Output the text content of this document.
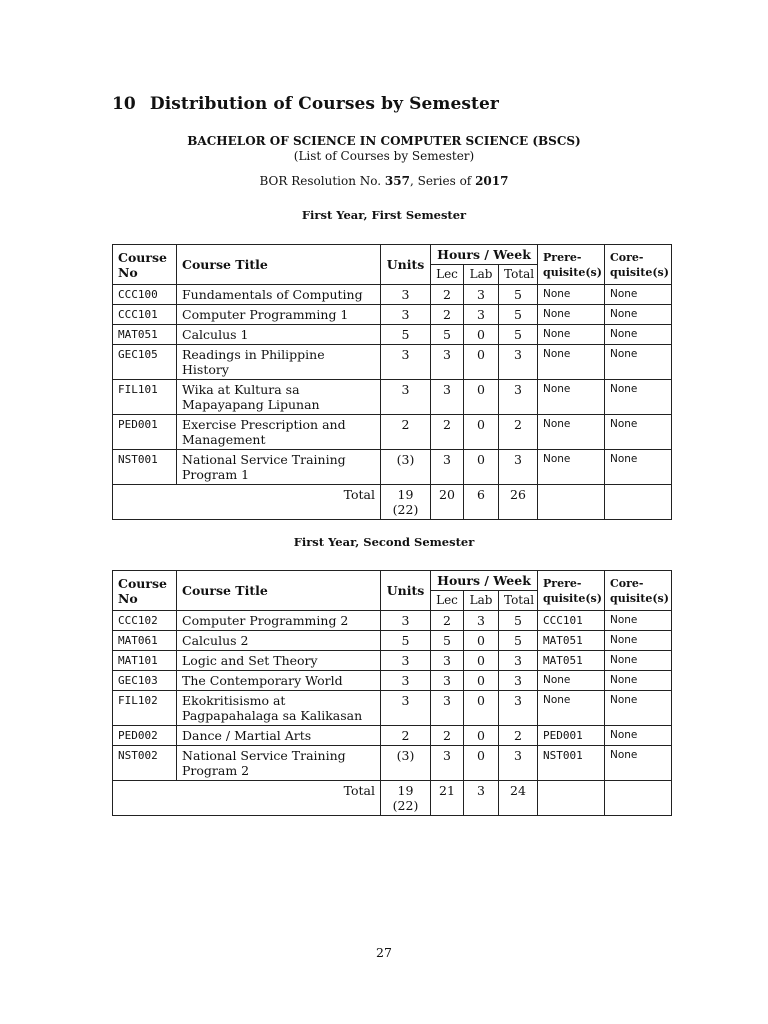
10 Distribution of Courses by Semester
BACHELOR OF SCIENCE IN COMPUTER SCIENCE (BSCS)
(List of Courses by Semester)
BOR Resolution No. 357, Series of 2017
First Year, First Semester
Course No	Course Title	Units	Hours / Week			Prere- quisite(s)	Core- quisite(s)
			Lec	Lab	Total		
CCC100	Fundamentals of Computing	3	2	3	5	None	None
CCC101	Computer Programming 1	3	2	3	5	None	None
MAT051	Calculus 1	5	5	0	5	None	None
GEC105	Readings in Philippine History	3	3	0	3	None	None
FIL101	Wika at Kultura sa Mapayapang Lipunan	3	3	0	3	None	None
PED001	Exercise Prescription and Management	2	2	0	2	None	None
NST001	National Service Training Program 1	(3)	3	0	3	None	None
Total		19 (22)	20	6	26		
First Year, Second Semester
Course No	Course Title	Units	Hours / Week			Prere- quisite(s)	Core- quisite(s)
			Lec	Lab	Total		
CCC102	Computer Programming 2	3	2	3	5	CCC101	None
MAT061	Calculus 2	5	5	0	5	MAT051	None
MAT101	Logic and Set Theory	3	3	0	3	MAT051	None
GEC103	The Contemporary World	3	3	0	3	None	None
FIL102	Ekokritisismo at Pagpapahalaga sa Kalikasan	3	3	0	3	None	None
PED002	Dance / Martial Arts	2	2	0	2	PED001	None
NST002	National Service Training Program 2	(3)	3	0	3	NST001	None
Total		19 (22)	21	3	24		
27
